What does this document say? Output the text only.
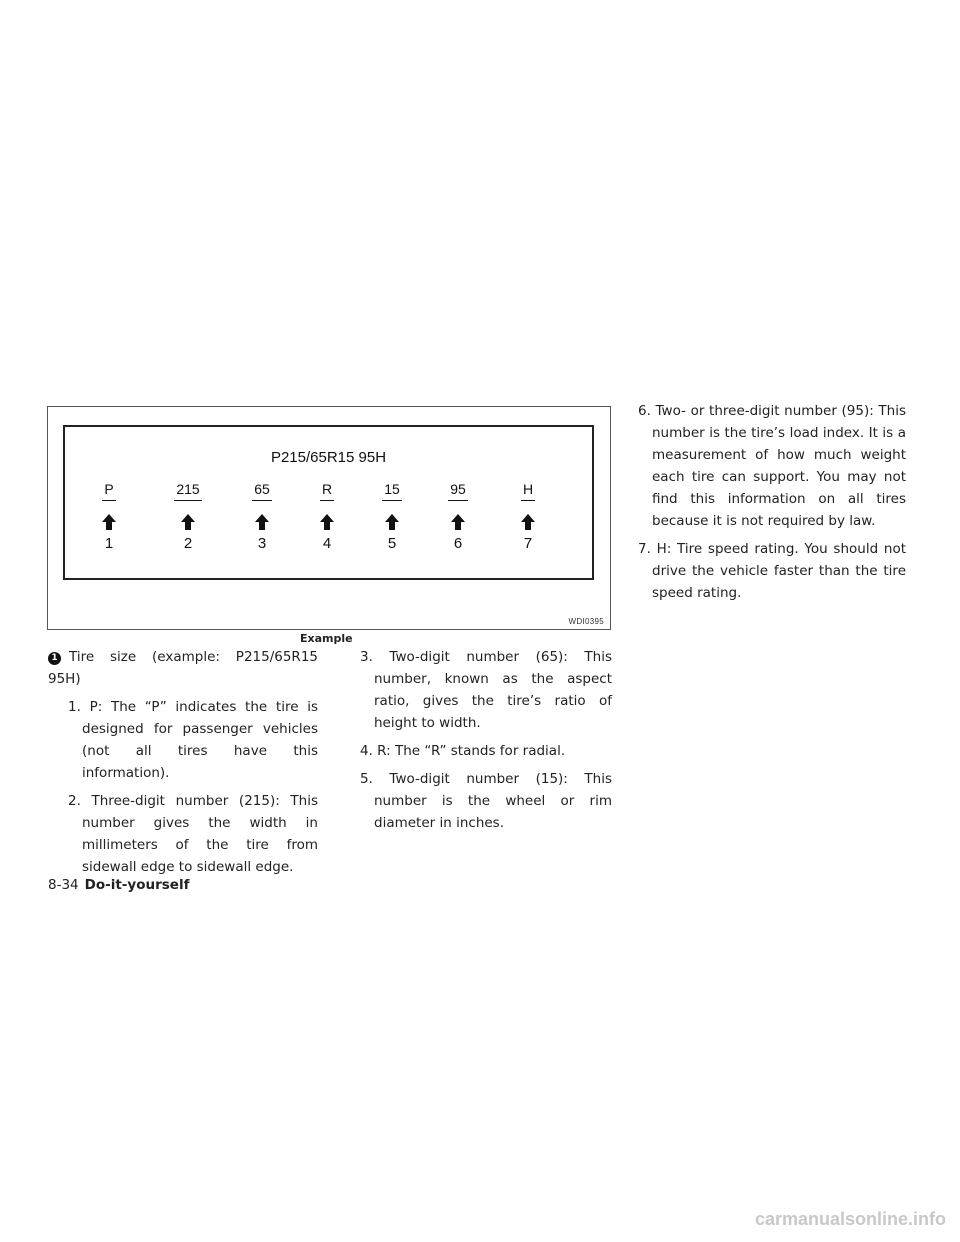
P215/65R15 95H
P
1
215
2
65
3
R
4
15
5
95
6
H
7
WDI0395
Example

1 Tire size (example: P215/65R15 95H)

1. P: The “P” indicates the tire is designed for passenger vehicles (not all tires have this information).

2. Three-digit number (215): This number gives the width in millimeters of the tire from sidewall edge to sidewall edge.

3. Two-digit number (65): This number, known as the aspect ratio, gives the tire’s ratio of height to width.

4. R: The “R” stands for radial.

5. Two-digit number (15): This number is the wheel or rim diameter in inches.

6. Two- or three-digit number (95): This number is the tire’s load index. It is a measurement of how much weight each tire can support. You may not find this information on all tires because it is not required by law.

7. H: Tire speed rating. You should not drive the vehicle faster than the tire speed rating.

8-34 Do-it-yourself
carmanualsonline.info
